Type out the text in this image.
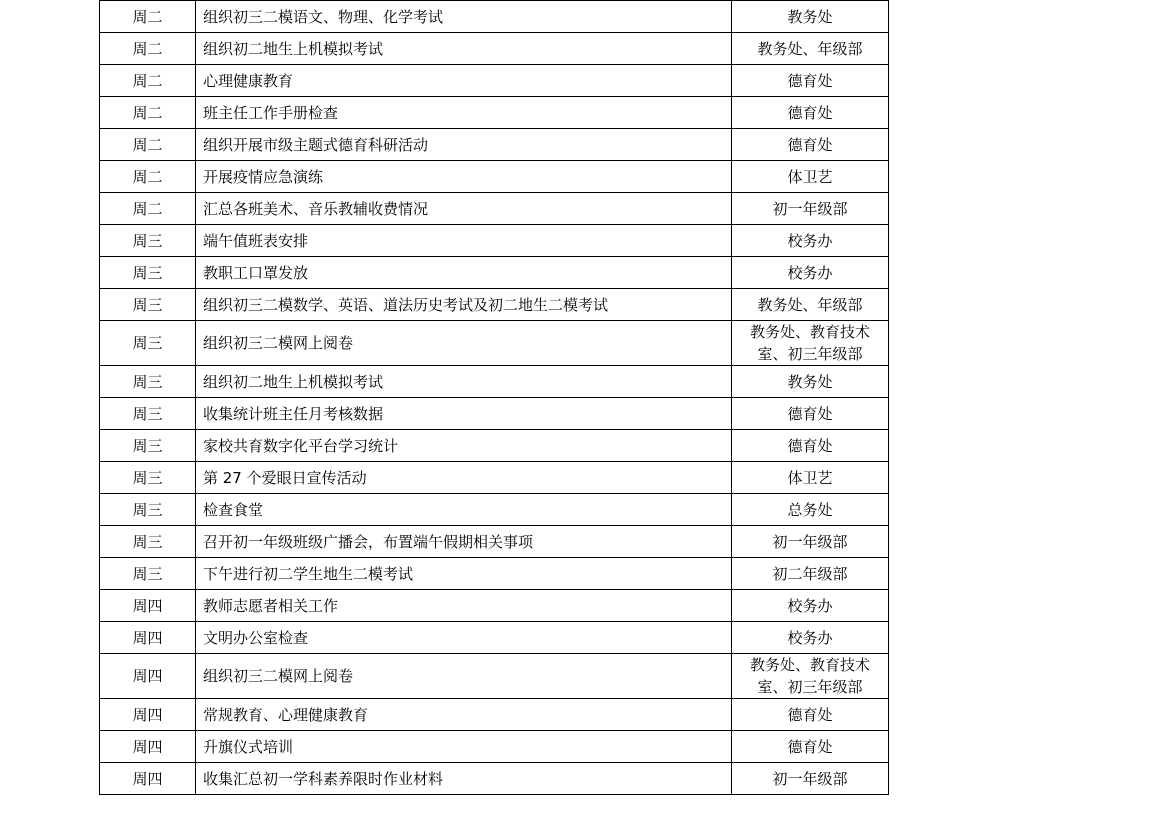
周二	组织初三二模语文、物理、化学考试	教务处
周二	组织初二地生上机模拟考试	教务处、年级部
周二	心理健康教育	德育处
周二	班主任工作手册检查	德育处
周二	组织开展市级主题式德育科研活动	德育处
周二	开展疫情应急演练	体卫艺
周二	汇总各班美术、音乐教辅收费情况	初一年级部
周三	端午值班表安排	校务办
周三	教职工口罩发放	校务办
周三	组织初三二模数学、英语、道法历史考试及初二地生二模考试	教务处、年级部
周三	组织初三二模网上阅卷	教务处、教育技术
室、初三年级部
周三	组织初二地生上机模拟考试	教务处
周三	收集统计班主任月考核数据	德育处
周三	家校共育数字化平台学习统计	德育处
周三	第 27 个爱眼日宣传活动	体卫艺
周三	检查食堂	总务处
周三	召开初一年级班级广播会，布置端午假期相关事项	初一年级部
周三	下午进行初二学生地生二模考试	初二年级部
周四	教师志愿者相关工作	校务办
周四	文明办公室检查	校务办
周四	组织初三二模网上阅卷	教务处、教育技术
室、初三年级部
周四	常规教育、心理健康教育	德育处
周四	升旗仪式培训	德育处
周四	收集汇总初一学科素养限时作业材料	初一年级部
